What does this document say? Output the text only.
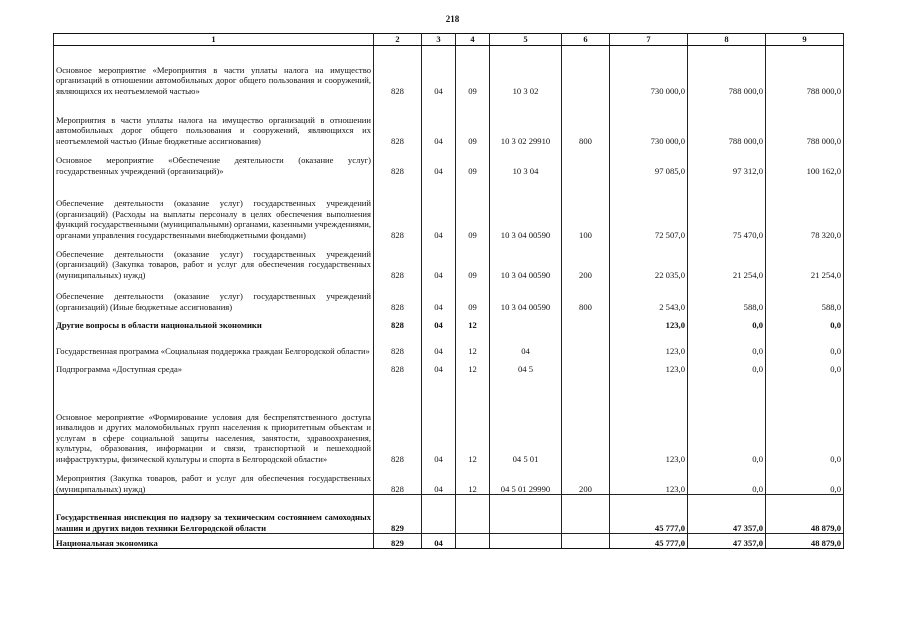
218
1	2	3	4	5	6	7	8	9
Основное мероприятие «Мероприятия в части уплаты налога на имущество организаций в отношении автомобильных дорог общего пользования и сооружений, являющихся их неотъемлемой частью»	828	04	09	10 3 02		730 000,0	788 000,0	788 000,0
Мероприятия в части уплаты налога на имущество организаций в отношении автомобильных дорог общего пользования и сооружений, являющихся их неотъемлемой частью (Иные бюджетные ассигнования)	828	04	09	10 3 02 29910	800	730 000,0	788 000,0	788 000,0
Основное мероприятие «Обеспечение деятельности (оказание услуг) государственных учреждений (организаций)»	828	04	09	10 3 04		97 085,0	97 312,0	100 162,0
Обеспечение деятельности (оказание услуг) государственных учреждений (организаций) (Расходы на выплаты персоналу в целях обеспечения выполнения функций государственными (муниципальными) органами, казенными учреждениями, органами управления государственными внебюджетными фондами)	828	04	09	10 3 04 00590	100	72 507,0	75 470,0	78 320,0
Обеспечение деятельности (оказание услуг) государственных учреждений (организаций) (Закупка товаров, работ и услуг для обеспечения государственных (муниципальных) нужд)	828	04	09	10 3 04 00590	200	22 035,0	21 254,0	21 254,0
Обеспечение деятельности (оказание услуг) государственных учреждений (организаций) (Иные бюджетные ассигнования)	828	04	09	10 3 04 00590	800	2 543,0	588,0	588,0
Другие вопросы в области национальной экономики	828	04	12			123,0	0,0	0,0
Государственная программа «Социальная поддержка граждан Белгородской области»	828	04	12	04		123,0	0,0	0,0
Подпрограмма «Доступная среда»	828	04	12	04 5		123,0	0,0	0,0
Основное мероприятие «Формирование условия для беспрепятственного доступа инвалидов и других маломобильных групп населения к приоритетным объектам и услугам в сфере социальной защиты населения, занятости, здравоохранения, культуры, образования, информации и связи, транспортной и пешеходной инфраструктуры, физической культуры и спорта в Белгородской области»	828	04	12	04 5 01		123,0	0,0	0,0
Мероприятия (Закупка товаров, работ и услуг для обеспечения государственных (муниципальных) нужд)	828	04	12	04 5 01 29990	200	123,0	0,0	0,0
Государственная инспекция по надзору за техническим состоянием самоходных машин и других видов техники Белгородской области	829					45 777,0	47 357,0	48 879,0
Национальная экономика	829	04				45 777,0	47 357,0	48 879,0
